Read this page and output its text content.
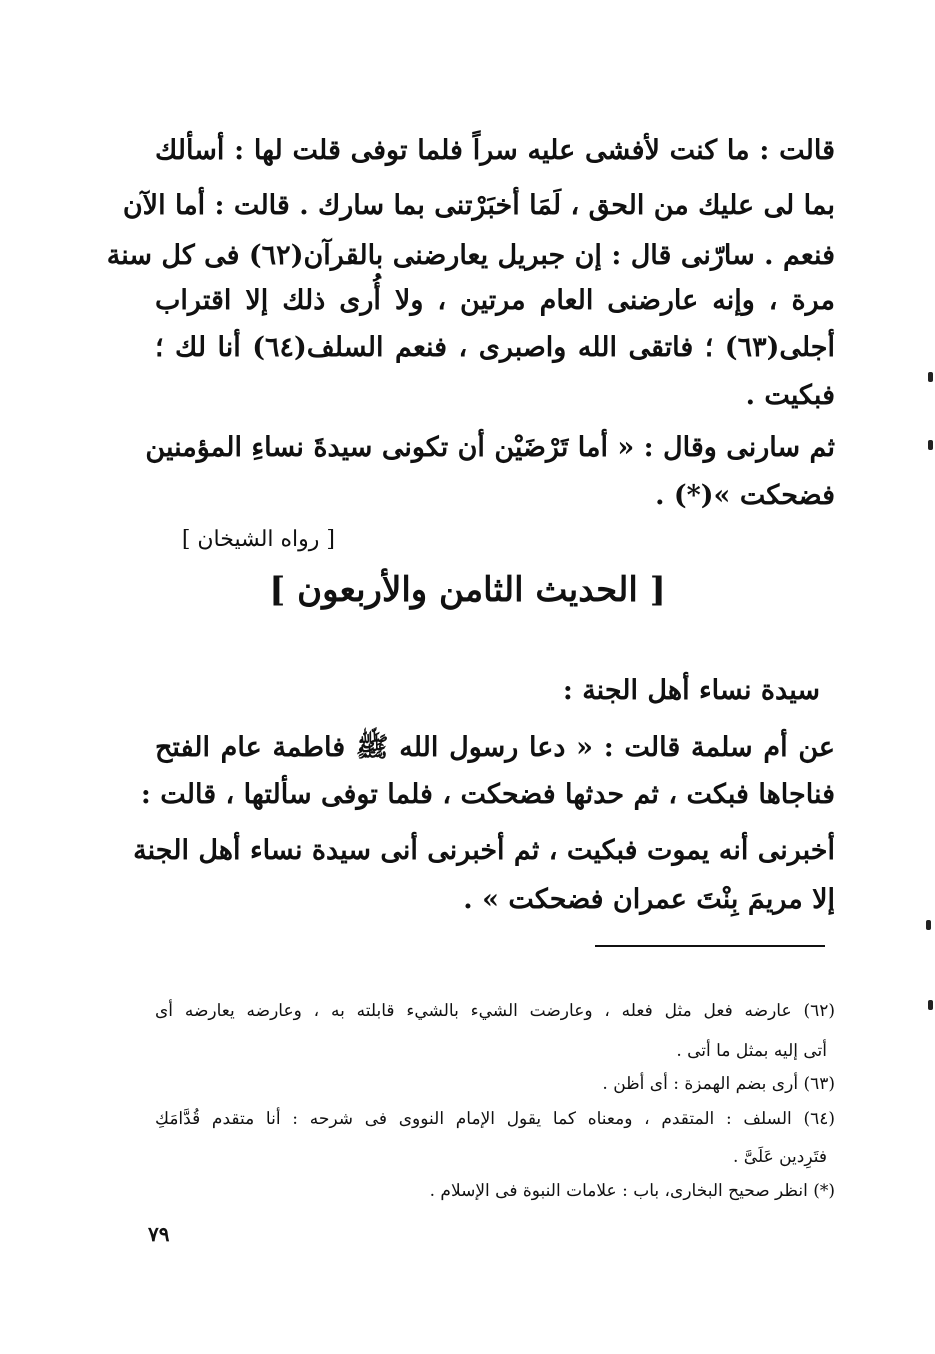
قالت : ما كنت لأفشى عليه سراً فلما توفى قلت لها : أسألك
بما لى عليك من الحق ، لَمَا أخبَرْتنى بما سارك . قالت : أما الآن
فنعم . سارّنى قال : إن جبريل يعارضنى بالقرآن(٦٢) فى كل سنة
مرة ، وإنه عارضنى العام مرتين ، ولا أُرى ذلك إلا اقتراب
أجلى(٦٣) ؛ فاتقى الله واصبرى ، فنعم السلف(٦٤) أنا لك ؛
فبكيت .
ثم سارنى وقال : « أما تَرْضَيْن أن تكونى سيدةَ نساءِ المؤمنين
فضحكت »(*) .
[ رواه الشيخان ]
[ الحديث الثامن والأربعون ]
سيدة نساء أهل الجنة :
عن أم سلمة قالت : « دعا رسول الله ﷺ فاطمة عام الفتح
فناجاها فبكت ، ثم حدثها فضحكت ، فلما توفى سألتها ، قالت :
أخبرنى أنه يموت فبكيت ، ثم أخبرنى أنى سيدة نساء أهل الجنة
إلا مريمَ بِنْتَ عمران فضحكت » .
(٦٢) عارضه فعل مثل فعله ، وعارضت الشيء بالشيء قابلته به ، وعارضه يعارضه أى
أتى إليه بمثل ما أتى .
(٦٣) أرى بضم الهمزة : أى أظن .
(٦٤) السلف : المتقدم ، ومعناه كما يقول الإمام النووى فى شرحه : أنا متقدم قُدَّامَكِ
فتَرِدين عَلَىَّ .
(*) انظر صحيح البخارى، باب : علامات النبوة فى الإسلام .
٧٩
